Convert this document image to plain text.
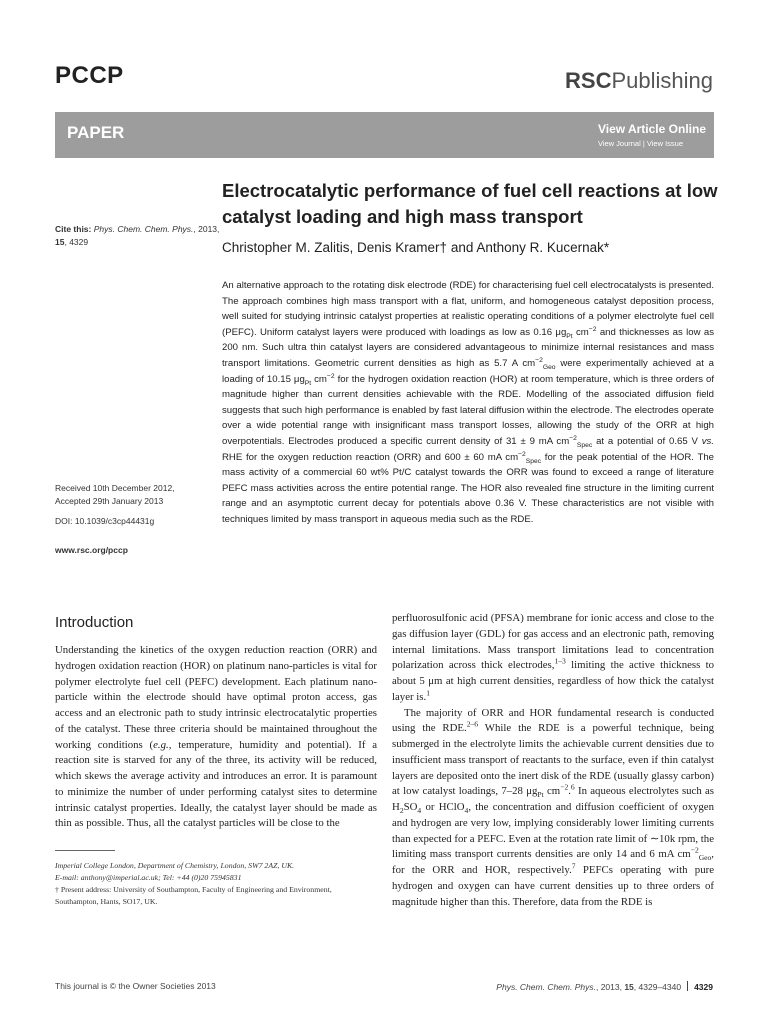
PCCP	RSCPublishing
PAPER	View Article Online
View Journal | View Issue
Electrocatalytic performance of fuel cell reactions at low catalyst loading and high mass transport
Christopher M. Zalitis, Denis Kramer† and Anthony R. Kucernak*
Cite this: Phys. Chem. Chem. Phys., 2013,
15, 4329
Received 10th December 2012,
Accepted 29th January 2013
DOI: 10.1039/c3cp44431g
www.rsc.org/pccp
An alternative approach to the rotating disk electrode (RDE) for characterising fuel cell electrocatalysts is presented. The approach combines high mass transport with a flat, uniform, and homogeneous catalyst deposition process, well suited for studying intrinsic catalyst properties at realistic operating conditions of a polymer electrolyte fuel cell (PEFC). Uniform catalyst layers were produced with loadings as low as 0.16 $\mu g_{Pt}$ $cm^{-2}$ and thicknesses as low as 200 nm. Such ultra thin catalyst layers are considered advantageous to minimize internal resistances and mass transport limitations. Geometric current densities as high as 5.7 A $cm^{-2}_{Geo}$ were experimentally achieved at a loading of 10.15 $\mu g_{Pt}$ $cm^{-2}$ for the hydrogen oxidation reaction (HOR) at room temperature, which is three orders of magnitude higher than current densities achievable with the RDE. Modelling of the associated diffusion field suggests that such high performance is enabled by fast lateral diffusion within the electrode. The electrodes operate over a wide potential range with insignificant mass transport losses, allowing the study of the ORR at high overpotentials. Electrodes produced a specific current density of 31 ± 9 mA $cm^{-2}_{Spec}$ at a potential of 0.65 V vs. RHE for the oxygen reduction reaction (ORR) and 600 ± 60 mA $cm^{-2}_{Spec}$ for the peak potential of the HOR. The mass activity of a commercial 60 wt% Pt/C catalyst towards the ORR was found to exceed a range of literature PEFC mass activities across the entire potential range. The HOR also revealed fine structure in the limiting current range and an asymptotic current decay for potentials above 0.36 V. These characteristics are not visible with techniques limited by mass transport in aqueous media such as the RDE.
Introduction

Understanding the kinetics of the oxygen reduction reaction (ORR) and hydrogen oxidation reaction (HOR) on platinum nano-particles is vital for polymer electrolyte fuel cell (PEFC) development. Each platinum nano-particle within the electrode should have optimal proton access, gas access and an electronic path to study intrinsic electrocatalytic properties of the catalyst. These three criteria should be maintained throughout the working conditions (e.g., temperature, humidity and potential). If a reaction site is starved for any of the three, its activity will be reduced, which skews the average activity and introduces an error. It is paramount to minimize the number of under performing catalyst sites to determine intrinsic catalyst properties. Ideally, the catalyst layer should be made as thin as possible. Thus, all the catalyst particles will be close to the

Imperial College London, Department of Chemistry, London, SW7 2AZ, UK.

E-mail: anthony@imperial.ac.uk; Tel: +44 (0)20 75945831

† Present address: University of Southampton, Faculty of Engineering and Environment, Southampton, Hants, SO17, UK.

perfluorosulfonic acid (PFSA) membrane for ionic access and close to the gas diffusion layer (GDL) for gas access and an electronic path, removing internal limitations. Mass transport limitations lead to concentration polarization across thick electrodes,$^{1-3}$ limiting the active thickness to about 5 μm at high current densities, regardless of how thick the catalyst layer is.$^1$

The majority of ORR and HOR fundamental research is conducted using the RDE.$^{2-6}$ While the RDE is a powerful technique, being submerged in the electrolyte limits the achievable current densities due to insufficient mass transport of reactants to the surface, even if thin catalyst layers are deposited onto the inert disk of the RDE (usually glassy carbon) at low catalyst loadings, 7–28 $\mu g_{Pt}$ $cm^{-2}.^6$ In aqueous electrolytes such as $H_2SO_4$ or HClO$_4$, the concentration and diffusion coefficient of oxygen and hydrogen are very low, implying considerably lower limiting currents than expected for a PEFC. Even at the rotation rate limit of ∼10k rpm, the limiting mass transport currents densities are only 14 and 6 mA $cm^{-2}_{Geo}$, for the ORR and HOR, respectively.$^7$ PEFCs operating with pure hydrogen and oxygen can have current densities up to three orders of magnitude higher than this. Therefore, data from the RDE is

This journal is © the Owner Societies 2013	Phys. Chem. Chem. Phys., 2013, 15, 4329–4340 4329
